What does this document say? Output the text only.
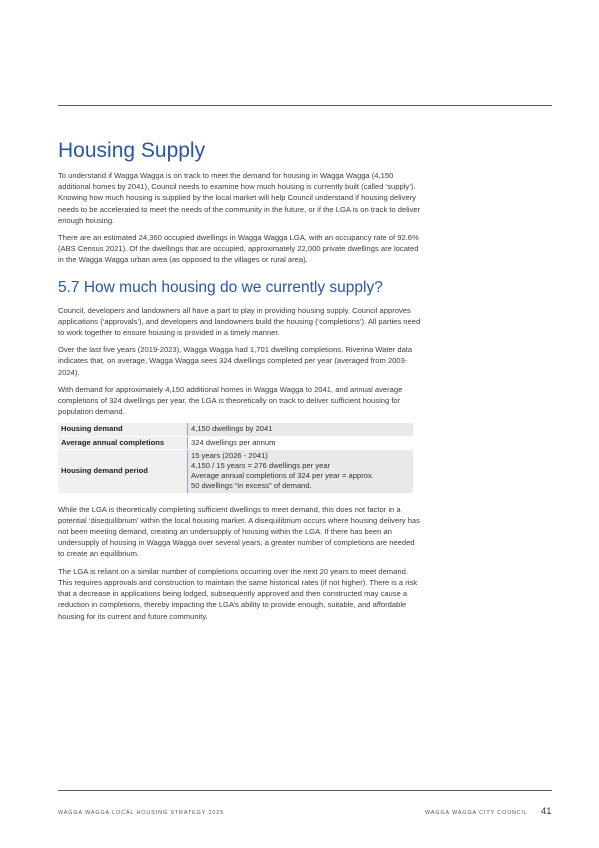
Housing Supply

To understand if Wagga Wagga is on track to meet the demand for housing in Wagga Wagga (4,150 additional homes by 2041), Council needs to examine how much housing is currently built (called ‘supply’). Knowing how much housing is supplied by the local market will help Council understand if housing delivery needs to be accelerated to meet the needs of the community in the future, or if the LGA is on track to deliver enough housing.

There are an estimated 24,360 occupied dwellings in Wagga Wagga LGA, with an occupancy rate of 92.6% (ABS Census 2021). Of the dwellings that are occupied, approximately 22,000 private dwellings are located in the Wagga Wagga urban area (as opposed to the villages or rural area).

5.7 How much housing do we currently supply?

Council, developers and landowners all have a part to play in providing housing supply. Council approves applications (‘approvals’), and developers and landowners build the housing (‘completions’). All parties need to work together to ensure housing is provided in a timely manner.

Over the last five years (2019-2023), Wagga Wagga had 1,701 dwelling completions. Riverina Water data indicates that, on average, Wagga Wagga sees 324 dwellings completed per year (averaged from 2003-2024).

With demand for approximately 4,150 additional homes in Wagga Wagga to 2041, and annual average completions of 324 dwellings per year, the LGA is theoretically on track to deliver sufficient housing for population demand.

Housing demand	4,150 dwellings by 2041

Average annual completions	324 dwellings per annum

Housing demand period	15 years (2026 - 2041)
4,150 / 15 years = 276 dwellings per year
Average annual completions of 324 per year = approx.
50 dwellings “in excess” of demand.

While the LGA is theoretically completing sufficient dwellings to meet demand, this does not factor in a potential ‘disequilibrium’ within the local housing market. A disequilibrium occurs where housing delivery has not been meeting demand, creating an undersupply of housing within the LGA. If there has been an undersupply of housing in Wagga Wagga over several years, a greater number of completions are needed to create an equilibrium.

The LGA is reliant on a similar number of completions occurring over the next 20 years to meet demand. This requires approvals and construction to maintain the same historical rates (if not higher). There is a risk that a decrease in applications being lodged, subsequently approved and then constructed may cause a reduction in completions, thereby impacting the LGA’s ability to provide enough, suitable, and affordable housing for its current and future community.

WAGGA WAGGA LOCAL HOUSING STRATEGY 2025	WAGGA WAGGA CITY COUNCIL 41
